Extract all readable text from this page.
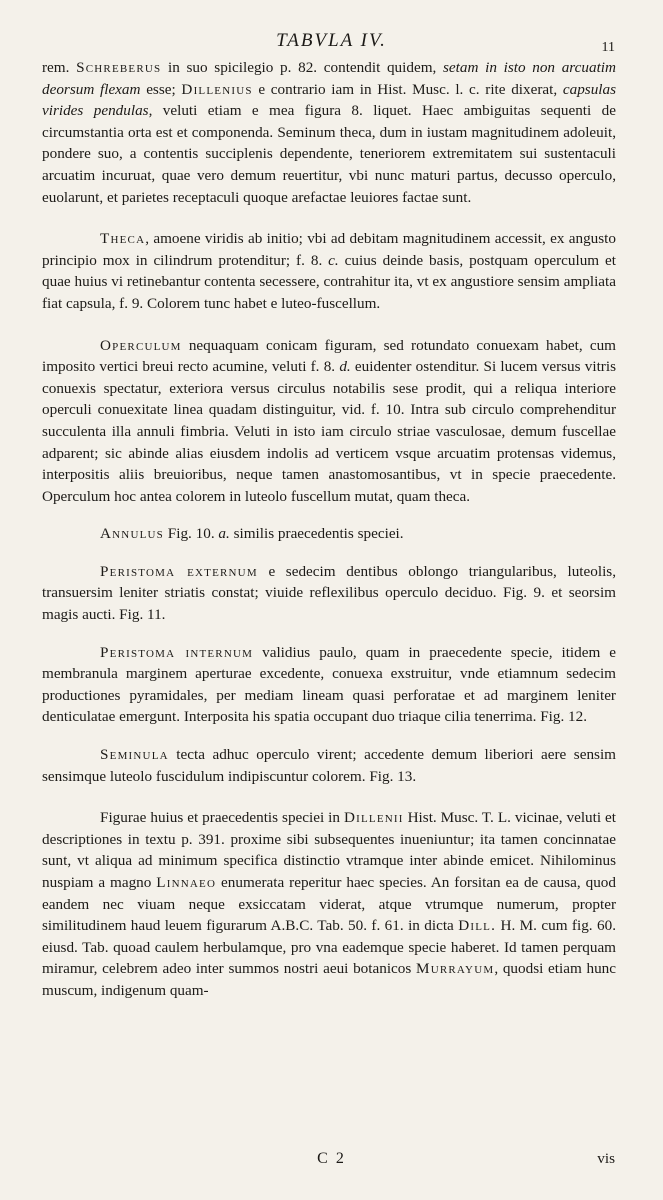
TABVLA IV.	11

rem. Schreberus in suo spicilegio p. 82. contendit quidem, setam in isto non arcuatim deorsum flexam esse; Dillenius e contrario iam in Hist. Musc. l. c. rite dixerat, capsulas virides pendulas, veluti etiam e mea figura 8. liquet. Haec ambiguitas sequenti de circumstantia orta est et componenda. Seminum theca, dum in iustam magnitudinem adoleuit, pondere suo, a contentis succiplenis dependente, teneriorem extremitatem sui sustentaculi arcuatim incuruat, quae vero demum reuertitur, vbi nunc maturi partus, decusso operculo, euolarunt, et parietes receptaculi quoque arefactae leuiores factae sunt.

Theca, amoene viridis ab initio; vbi ad debitam magnitudinem accessit, ex angusto principio mox in cilindrum protenditur; f. 8. c. cuius deinde basis, postquam operculum et quae huius vi retinebantur contenta secessere, contrahitur ita, vt ex angustiore sensim ampliata fiat capsula, f. 9. Colorem tunc habet e luteo-fuscellum.

Operculum nequaquam conicam figuram, sed rotundato conuexam habet, cum imposito vertici breui recto acumine, veluti f. 8. d. euidenter ostenditur. Si lucem versus vitris conuexis spectatur, exteriora versus circulus notabilis sese prodit, qui a reliqua interiore operculi conuexitate linea quadam distinguitur, vid. f. 10. Intra sub circulo comprehenditur succulenta illa annuli fimbria. Veluti in isto iam circulo striae vasculosae, demum fuscellae adparent; sic abinde alias eiusdem indolis ad verticem vsque arcuatim protensas videmus, interpositis aliis breuioribus, neque tamen anastomosantibus, vt in specie praecedente. Operculum hoc antea colorem in luteolo fuscellum mutat, quam theca.

Annulus Fig. 10. a. similis praecedentis speciei.

Peristoma externum e sedecim dentibus oblongo triangularibus, luteolis, transuersim leniter striatis constat; viuide reflexilibus operculo deciduo. Fig. 9. et seorsim magis aucti. Fig. 11.

Peristoma internum validius paulo, quam in praecedente specie, itidem e membranula marginem aperturae excedente, conuexa exstruitur, vnde etiamnum sedecim productiones pyramidales, per mediam lineam quasi perforatae et ad marginem leniter denticulatae emergunt. Interposita his spatia occupant duo triaque cilia tenerrima. Fig. 12.

Seminula tecta adhuc operculo virent; accedente demum liberiori aere sensim sensimque luteolo fuscidulum indipiscuntur colorem. Fig. 13.

Figurae huius et praecedentis speciei in Dillenii Hist. Musc. T. L. vicinae, veluti et descriptiones in textu p. 391. proxime sibi subsequentes inueniuntur; ita tamen concinnatae sunt, vt aliqua ad minimum specifica distinctio vtramque inter abinde emicet. Nihilominus nuspiam a magno Linnaeo enumerata reperitur haec species. An forsitan ea de causa, quod eandem nec viuam neque exsiccatam viderat, atque vtrumque numerum, propter similitudinem haud leuem figurarum A.B.C. Tab. 50. f. 61. in dicta Dill. H. M. cum fig. 60. eiusd. Tab. quoad caulem herbulamque, pro vna eademque specie haberet. Id tamen perquam miramur, celebrem adeo inter summos nostri aeui botanicos Murrayum, quodsi etiam hunc muscum, indigenum quam-

C 2	vis
